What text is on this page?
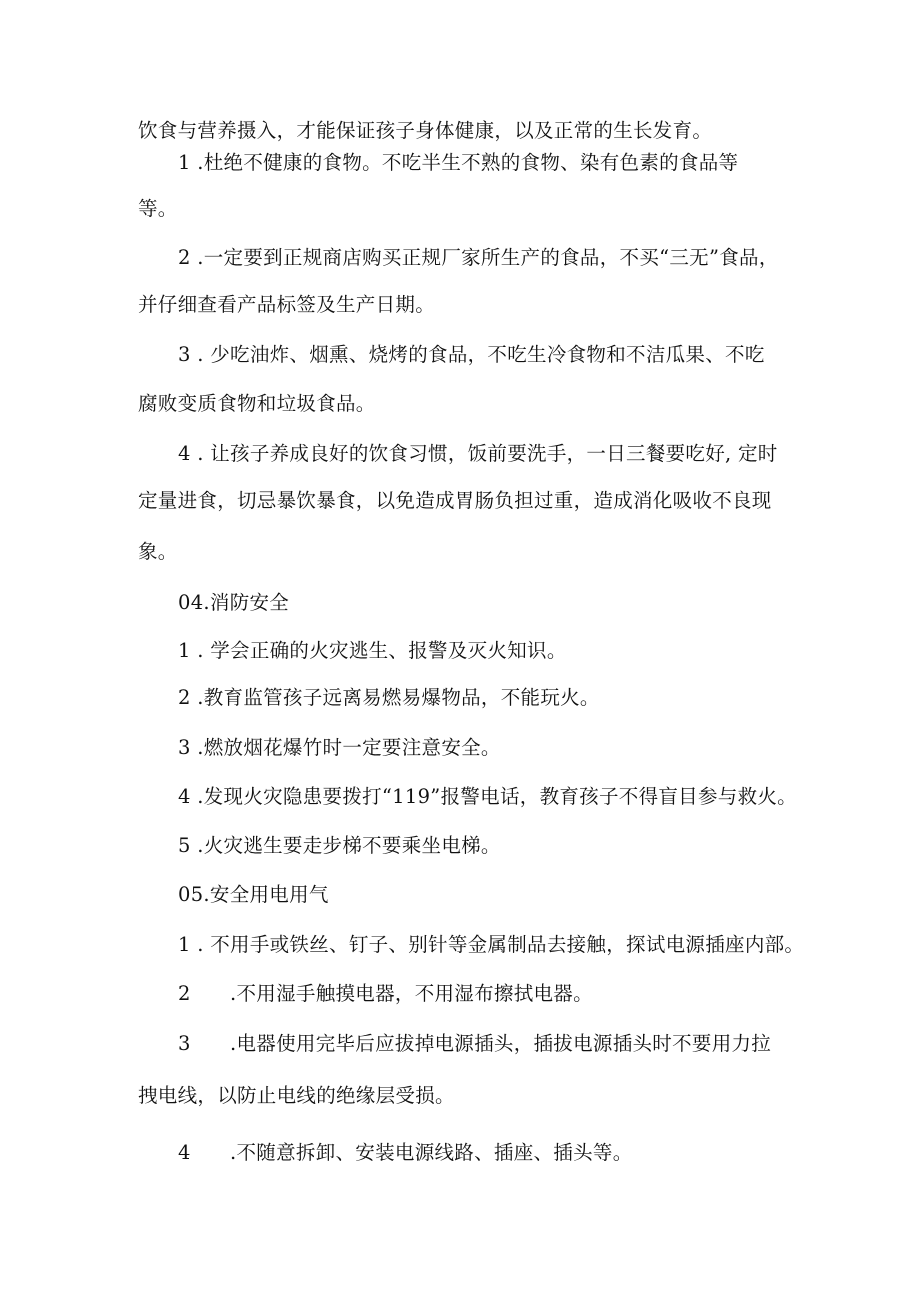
饮食与营养摄入，才能保证孩子身体健康，以及正常的生长发育。
1 .杜绝不健康的食物。不吃半生不熟的食物、染有色素的食品等
等。
2 .一定要到正规商店购买正规厂家所生产的食品，不买“三无”食品，
并仔细查看产品标签及生产日期。
3 . 少吃油炸、烟熏、烧烤的食品，不吃生冷食物和不洁瓜果、不吃
腐败变质食物和垃圾食品。
4 . 让孩子养成良好的饮食习惯，饭前要洗手，一日三餐要吃好, 定时
定量进食，切忌暴饮暴食，以免造成胃肠负担过重，造成消化吸收不良现
象。
04.消防安全
1 . 学会正确的火灾逃生、报警及灭火知识。
2 .教育监管孩子远离易燃易爆物品，不能玩火。
3 .燃放烟花爆竹时一定要注意安全。
4 .发现火灾隐患要拨打“119”报警电话，教育孩子不得盲目参与救火。
5 .火灾逃生要走步梯不要乘坐电梯。
05.安全用电用气
1 . 不用手或铁丝、钉子、别针等金属制品去接触，探试电源插座内部。
2 .不用湿手触摸电器，不用湿布擦拭电器。
3 .电器使用完毕后应拔掉电源插头，插拔电源插头时不要用力拉
拽电线，以防止电线的绝缘层受损。
4 .不随意拆卸、安装电源线路、插座、插头等。
